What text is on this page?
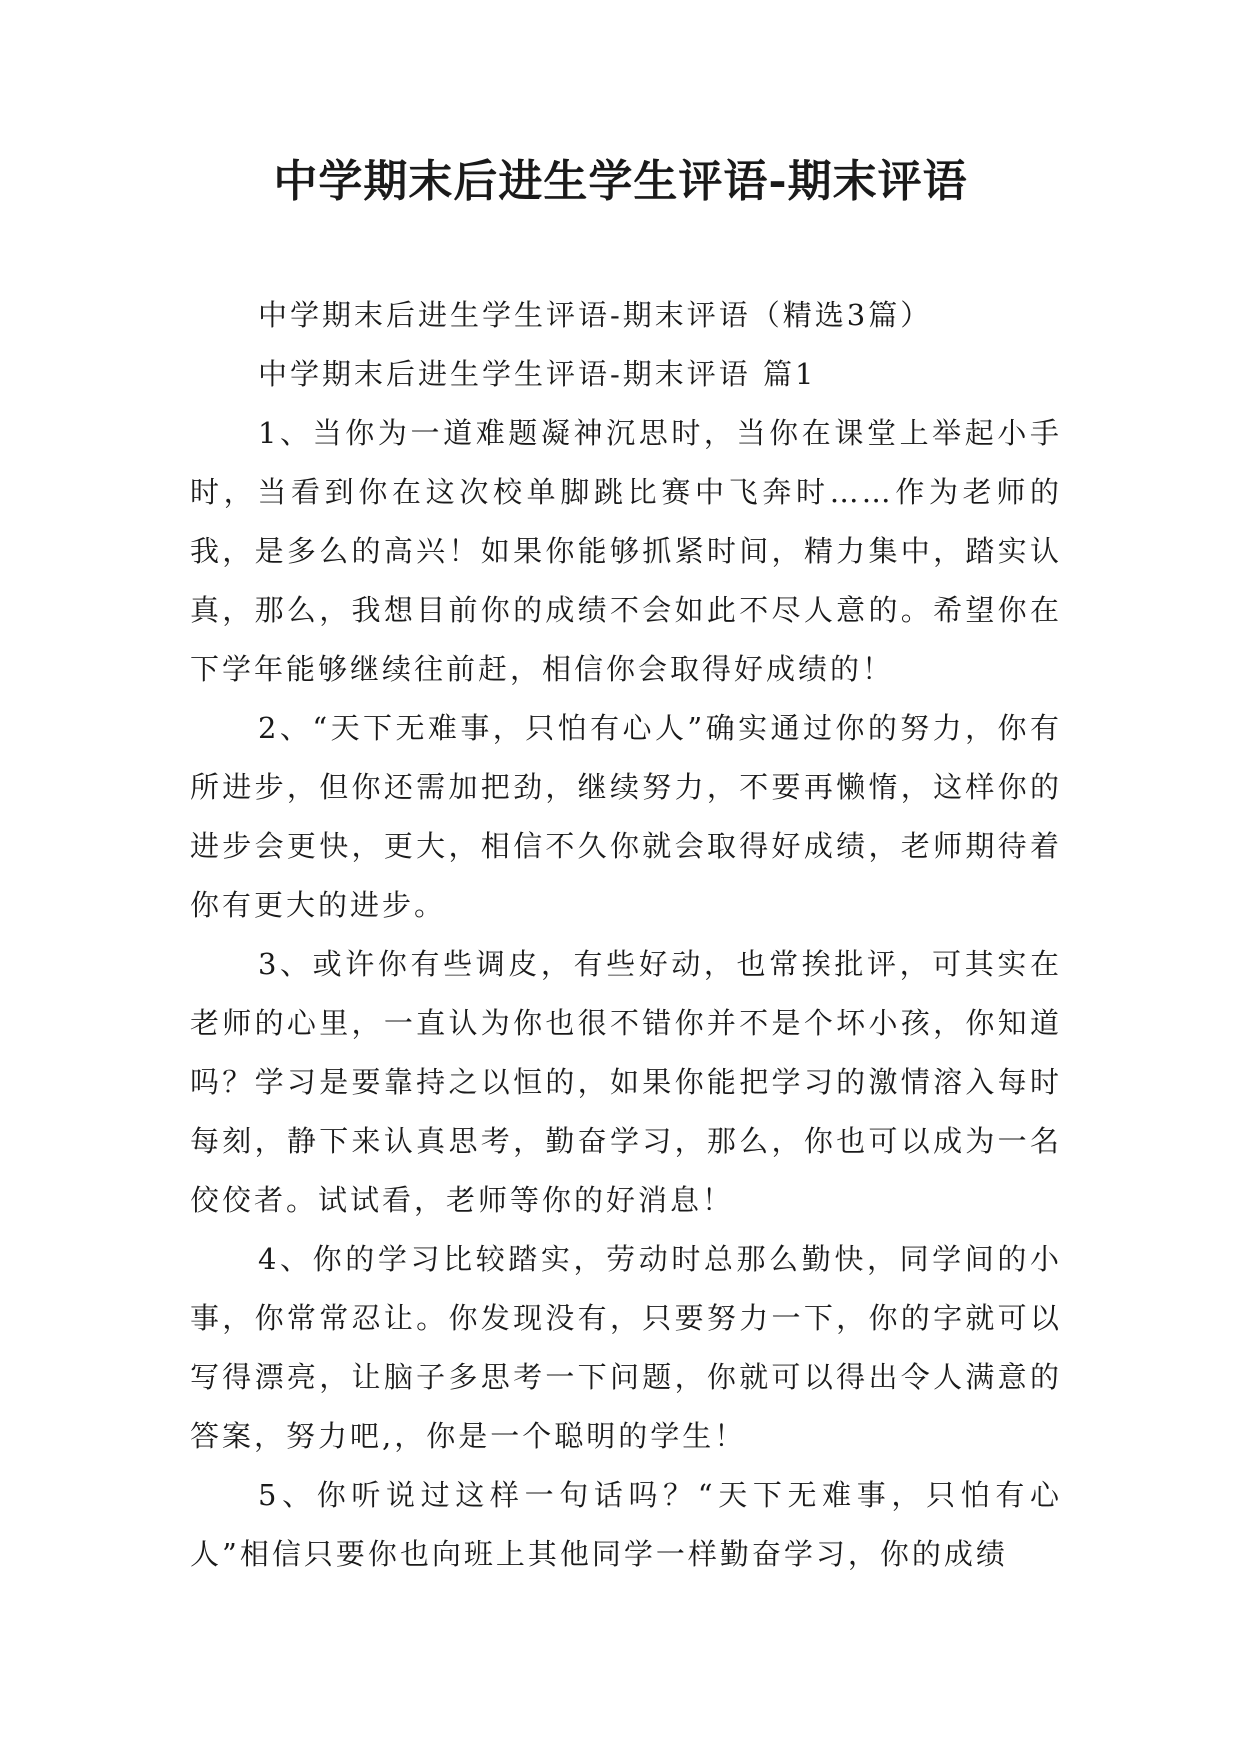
中学期末后进生学生评语-期末评语

中学期末后进生学生评语-期末评语（精选3篇）

中学期末后进生学生评语-期末评语 篇1

1、当你为一道难题凝神沉思时，当你在课堂上举起小手时，当看到你在这次校单脚跳比赛中飞奔时……作为老师的我，是多么的高兴！如果你能够抓紧时间，精力集中，踏实认真，那么，我想目前你的成绩不会如此不尽人意的。希望你在下学年能够继续往前赶，相信你会取得好成绩的！

2、“天下无难事，只怕有心人”确实通过你的努力，你有所进步，但你还需加把劲，继续努力，不要再懒惰，这样你的进步会更快，更大，相信不久你就会取得好成绩，老师期待着你有更大的进步。

3、或许你有些调皮，有些好动，也常挨批评，可其实在老师的心里，一直认为你也很不错你并不是个坏小孩，你知道吗？学习是要靠持之以恒的，如果你能把学习的激情溶入每时每刻，静下来认真思考，勤奋学习，那么，你也可以成为一名佼佼者。试试看，老师等你的好消息！

4、你的学习比较踏实，劳动时总那么勤快，同学间的小事，你常常忍让。你发现没有，只要努力一下，你的字就可以写得漂亮，让脑子多思考一下问题，你就可以得出令人满意的答案，努力吧,，你是一个聪明的学生！

5、你听说过这样一句话吗？“天下无难事，只怕有心人”相信只要你也向班上其他同学一样勤奋学习，你的成绩
